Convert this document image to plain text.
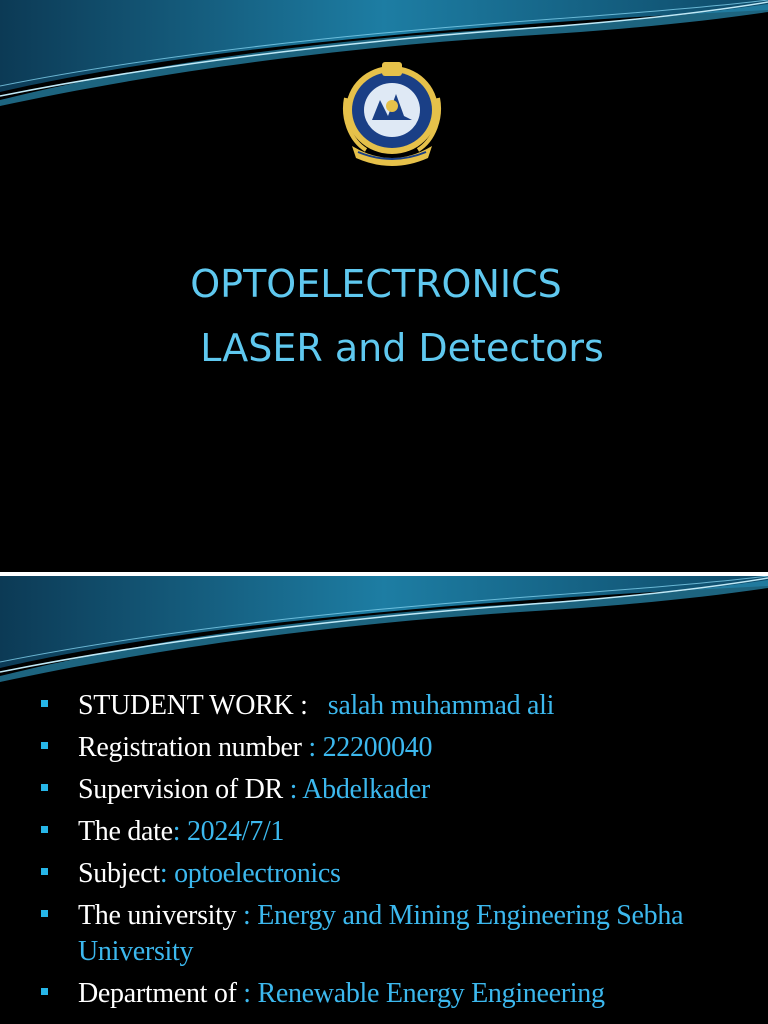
OPTOELECTRONICS
LASER and Detectors
STUDENT WORK : salah muhammad ali
Registration number : 22200040
Supervision of DR : Abdelkader
The date: 2024/7/1
Subject: optoelectronics
The university : Energy and Mining Engineering Sebha University
Department of : Renewable Energy Engineering
